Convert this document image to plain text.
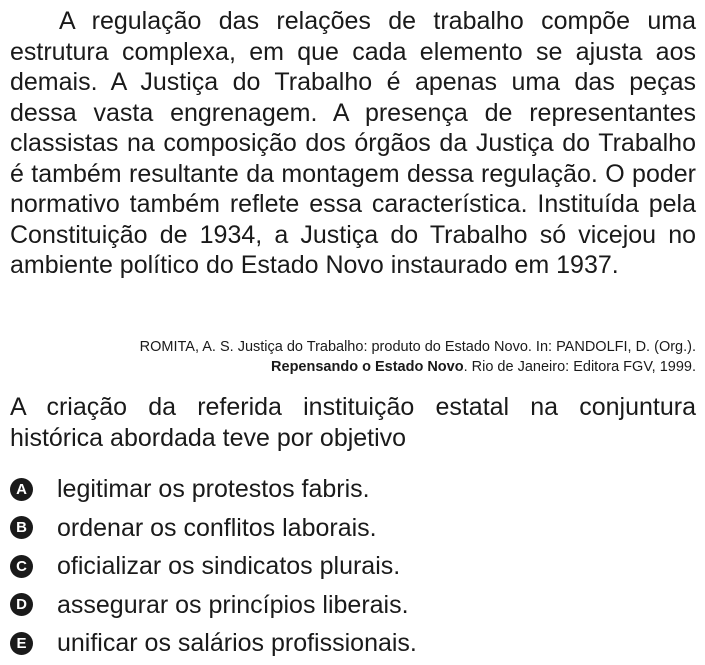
A regulação das relações de trabalho compõe uma estrutura complexa, em que cada elemento se ajusta aos demais. A Justiça do Trabalho é apenas uma das peças dessa vasta engrenagem. A presença de representantes classistas na composição dos órgãos da Justiça do Trabalho é também resultante da montagem dessa regulação. O poder normativo também reflete essa característica. Instituída pela Constituição de 1934, a Justiça do Trabalho só vicejou no ambiente político do Estado Novo instaurado em 1937.

ROMITA, A. S. Justiça do Trabalho: produto do Estado Novo. In: PANDOLFI, D. (Org.).
Repensando o Estado Novo. Rio de Janeiro: Editora FGV, 1999.

A criação da referida instituição estatal na conjuntura histórica abordada teve por objetivo

A legitimar os protestos fabris.
B ordenar os conflitos laborais.
C oficializar os sindicatos plurais.
D assegurar os princípios liberais.
E unificar os salários profissionais.
